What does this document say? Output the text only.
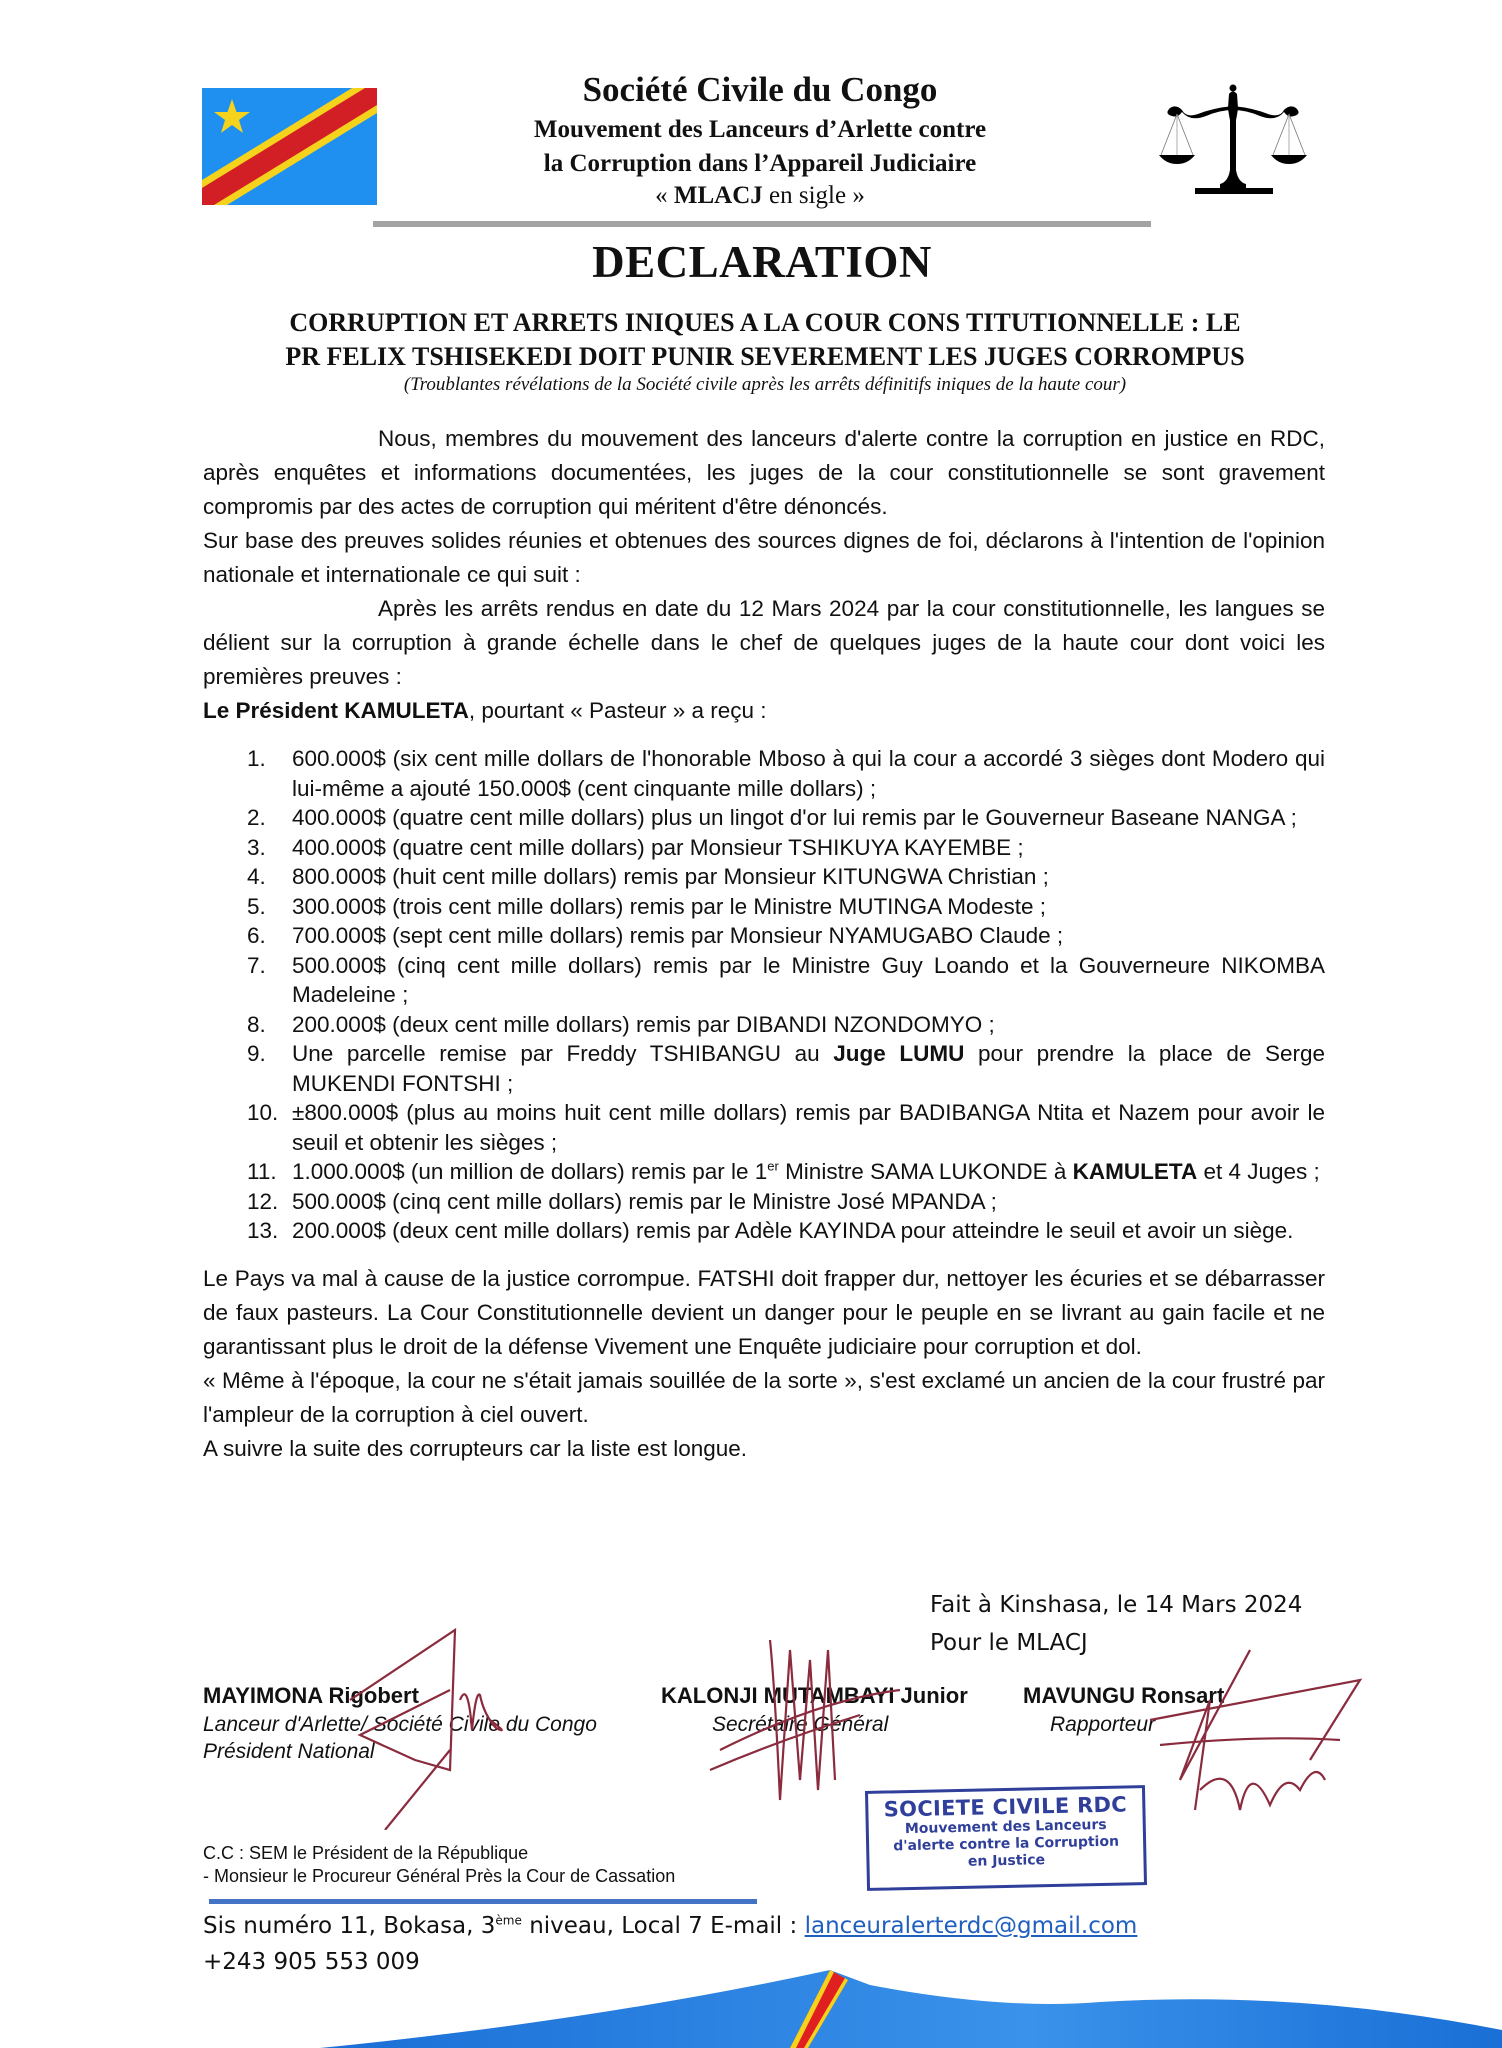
Société Civile du Congo
Mouvement des Lanceurs d’Arlette contre
la Corruption dans l’Appareil Judiciaire
« MLACJ en sigle »
DECLARATION
CORRUPTION ET ARRETS INIQUES A LA COUR CONS TITUTIONNELLE : LE
PR FELIX TSHISEKEDI DOIT PUNIR SEVEREMENT LES JUGES CORROMPUS
(Troublantes révélations de la Société civile après les arrêts définitifs iniques de la haute cour)

Nous, membres du mouvement des lanceurs d'alerte contre la corruption en justice en RDC, après enquêtes et informations documentées, les juges de la cour constitutionnelle se sont gravement compromis par des actes de corruption qui méritent d'être dénoncés.

Sur base des preuves solides réunies et obtenues des sources dignes de foi, déclarons à l'intention de l'opinion nationale et internationale ce qui suit :

Après les arrêts rendus en date du 12 Mars 2024 par la cour constitutionnelle, les langues se délient sur la corruption à grande échelle dans le chef de quelques juges de la haute cour dont voici les premières preuves :

Le Président KAMULETA, pourtant « Pasteur » a reçu :

1. 600.000$ (six cent mille dollars de l'honorable Mboso à qui la cour a accordé 3 sièges dont Modero qui lui-même a ajouté 150.000$ (cent cinquante mille dollars) ;
2. 400.000$ (quatre cent mille dollars) plus un lingot d'or lui remis par le Gouverneur Baseane NANGA ;
3. 400.000$ (quatre cent mille dollars) par Monsieur TSHIKUYA KAYEMBE ;
4. 800.000$ (huit cent mille dollars) remis par Monsieur KITUNGWA Christian ;
5. 300.000$ (trois cent mille dollars) remis par le Ministre MUTINGA Modeste ;
6. 700.000$ (sept cent mille dollars) remis par Monsieur NYAMUGABO Claude ;
7. 500.000$ (cinq cent mille dollars) remis par le Ministre Guy Loando et la Gouverneure NIKOMBA Madeleine ;
8. 200.000$ (deux cent mille dollars) remis par DIBANDI NZONDOMYO ;
9. Une parcelle remise par Freddy TSHIBANGU au Juge LUMU pour prendre la place de Serge MUKENDI FONTSHI ;
10. ±800.000$ (plus au moins huit cent mille dollars) remis par BADIBANGA Ntita et Nazem pour avoir le seuil et obtenir les sièges ;
11. 1.000.000$ (un million de dollars) remis par le 1er Ministre SAMA LUKONDE à KAMULETA et 4 Juges ;
12. 500.000$ (cinq cent mille dollars) remis par le Ministre José MPANDA ;
13. 200.000$ (deux cent mille dollars) remis par Adèle KAYINDA pour atteindre le seuil et avoir un siège.

Le Pays va mal à cause de la justice corrompue. FATSHI doit frapper dur, nettoyer les écuries et se débarrasser de faux pasteurs. La Cour Constitutionnelle devient un danger pour le peuple en se livrant au gain facile et ne garantissant plus le droit de la défense Vivement une Enquête judiciaire pour corruption et dol.

« Même à l'époque, la cour ne s'était jamais souillée de la sorte », s'est exclamé un ancien de la cour frustré par l'ampleur de la corruption à ciel ouvert.

A suivre la suite des corrupteurs car la liste est longue.

Fait à Kinshasa, le 14 Mars 2024
Pour le MLACJ
MAYIMONA Rigobert
Lanceur d'Arlette/ Société Civile du Congo
Président National
KALONJI MUTAMBAYI Junior
Secrétaire Général
MAVUNGU Ronsart
Rapporteur
SOCIETE CIVILE RDC
Mouvement des Lanceurs
d'alerte contre la Corruption
en Justice
C.C : SEM le Président de la République
- Monsieur le Procureur Général Près la Cour de Cassation
Sis numéro 11, Bokasa, 3ème niveau, Local 7 E-mail : lanceuralerterdc@gmail.com
+243 905 553 009
